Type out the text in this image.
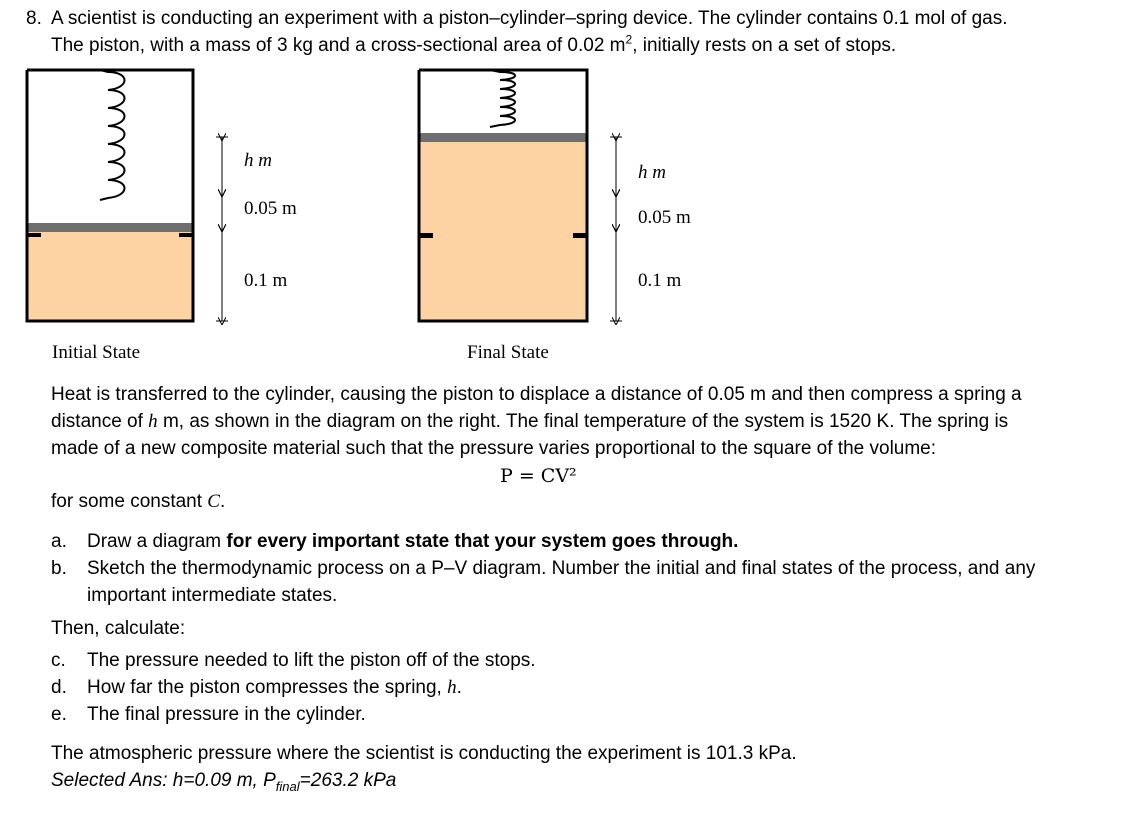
8. A scientist is conducting an experiment with a piston–cylinder–spring device. The cylinder contains 0.1 mol of gas.
The piston, with a mass of 3 kg and a cross-sectional area of 0.02 $m^2$, initially rests on a set of stops.
h m
0.05 m
0.1 m
Initial State
h m
0.05 m
0.1 m
Final State
Heat is transferred to the cylinder, causing the piston to displace a distance of 0.05 m and then compress a spring a
distance of h m, as shown in the diagram on the right. The final temperature of the system is 1520 K. The spring is
made of a new composite material such that the pressure varies proportional to the square of the volume:
P = CV²
for some constant C.
a. Draw a diagram for every important state that your system goes through.
b. Sketch the thermodynamic process on a P–V diagram. Number the initial and final states of the process, and any
important intermediate states.
Then, calculate:
c. The pressure needed to lift the piston off of the stops.
d. How far the piston compresses the spring, h.
e. The final pressure in the cylinder.
The atmospheric pressure where the scientist is conducting the experiment is 101.3 kPa.
Selected Ans: h=0.09 m, $P_{final}=263.2$ kPa
